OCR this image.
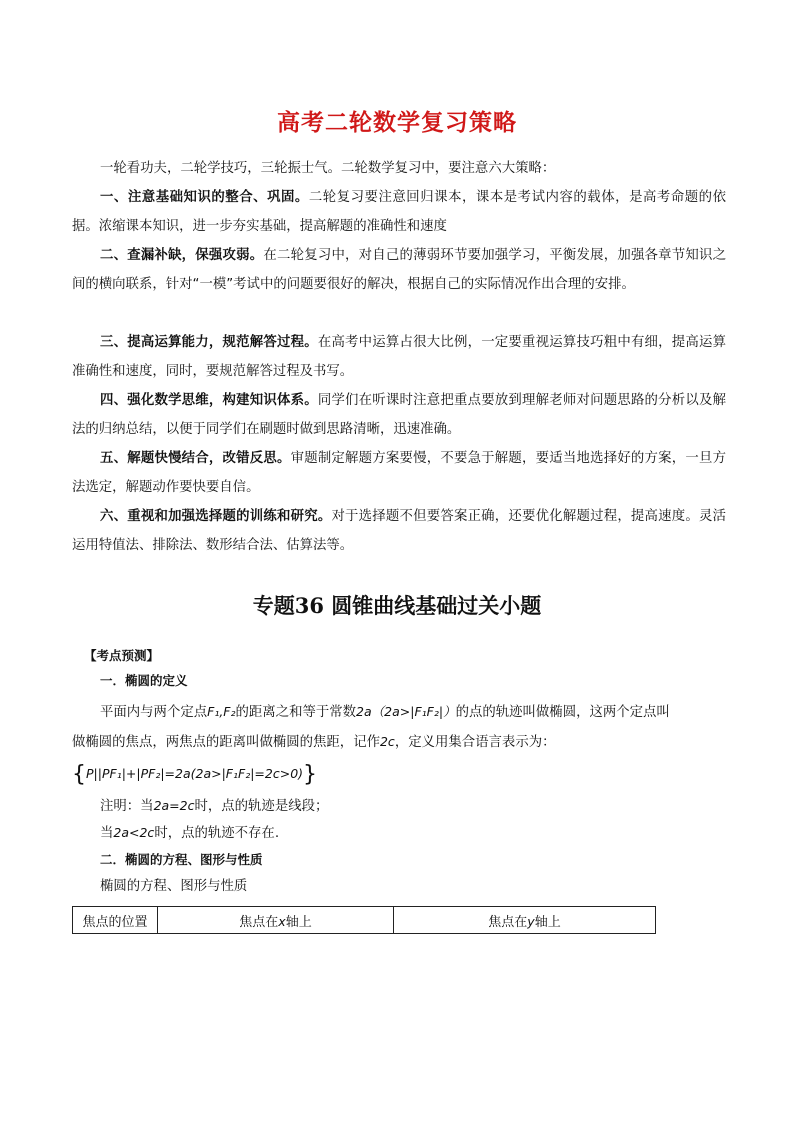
高考二轮数学复习策略

一轮看功夫，二轮学技巧，三轮振士气。二轮数学复习中，要注意六大策略：

一、注意基础知识的整合、巩固。二轮复习要注意回归课本，课本是考试内容的载体，是高考命题的依据。浓缩课本知识，进一步夯实基础，提高解题的准确性和速度

二、查漏补缺，保强攻弱。在二轮复习中，对自己的薄弱环节要加强学习，平衡发展，加强各章节知识之间的横向联系，针对“一模”考试中的问题要很好的解决，根据自己的实际情况作出合理的安排。

三、提高运算能力，规范解答过程。在高考中运算占很大比例，一定要重视运算技巧粗中有细，提高运算准确性和速度，同时，要规范解答过程及书写。

四、强化数学思维，构建知识体系。同学们在听课时注意把重点要放到理解老师对问题思路的分析以及解法的归纳总结，以便于同学们在刷题时做到思路清晰，迅速准确。

五、解题快慢结合，改错反思。审题制定解题方案要慢，不要急于解题，要适当地选择好的方案，一旦方法选定，解题动作要快要自信。

六、重视和加强选择题的训练和研究。对于选择题不但要答案正确，还要优化解题过程，提高速度。灵活运用特值法、排除法、数形结合法、估算法等。

专题36 圆锥曲线基础过关小题
【考点预测】
一．椭圆的定义
平面内与两个定点F₁,F₂的距离之和等于常数2a（2a>|F₁F₂|）的点的轨迹叫做椭圆，这两个定点叫
做椭圆的焦点，两焦点的距离叫做椭圆的焦距，记作2c，定义用集合语言表示为：
{P||PF₁|+|PF₂|=2a(2a>|F₁F₂|=2c>0)}
注明：当2a=2c时，点的轨迹是线段；
当2a<2c时，点的轨迹不存在.
二．椭圆的方程、图形与性质
椭圆的方程、图形与性质
焦点的位置	焦点在x轴上	焦点在y轴上
